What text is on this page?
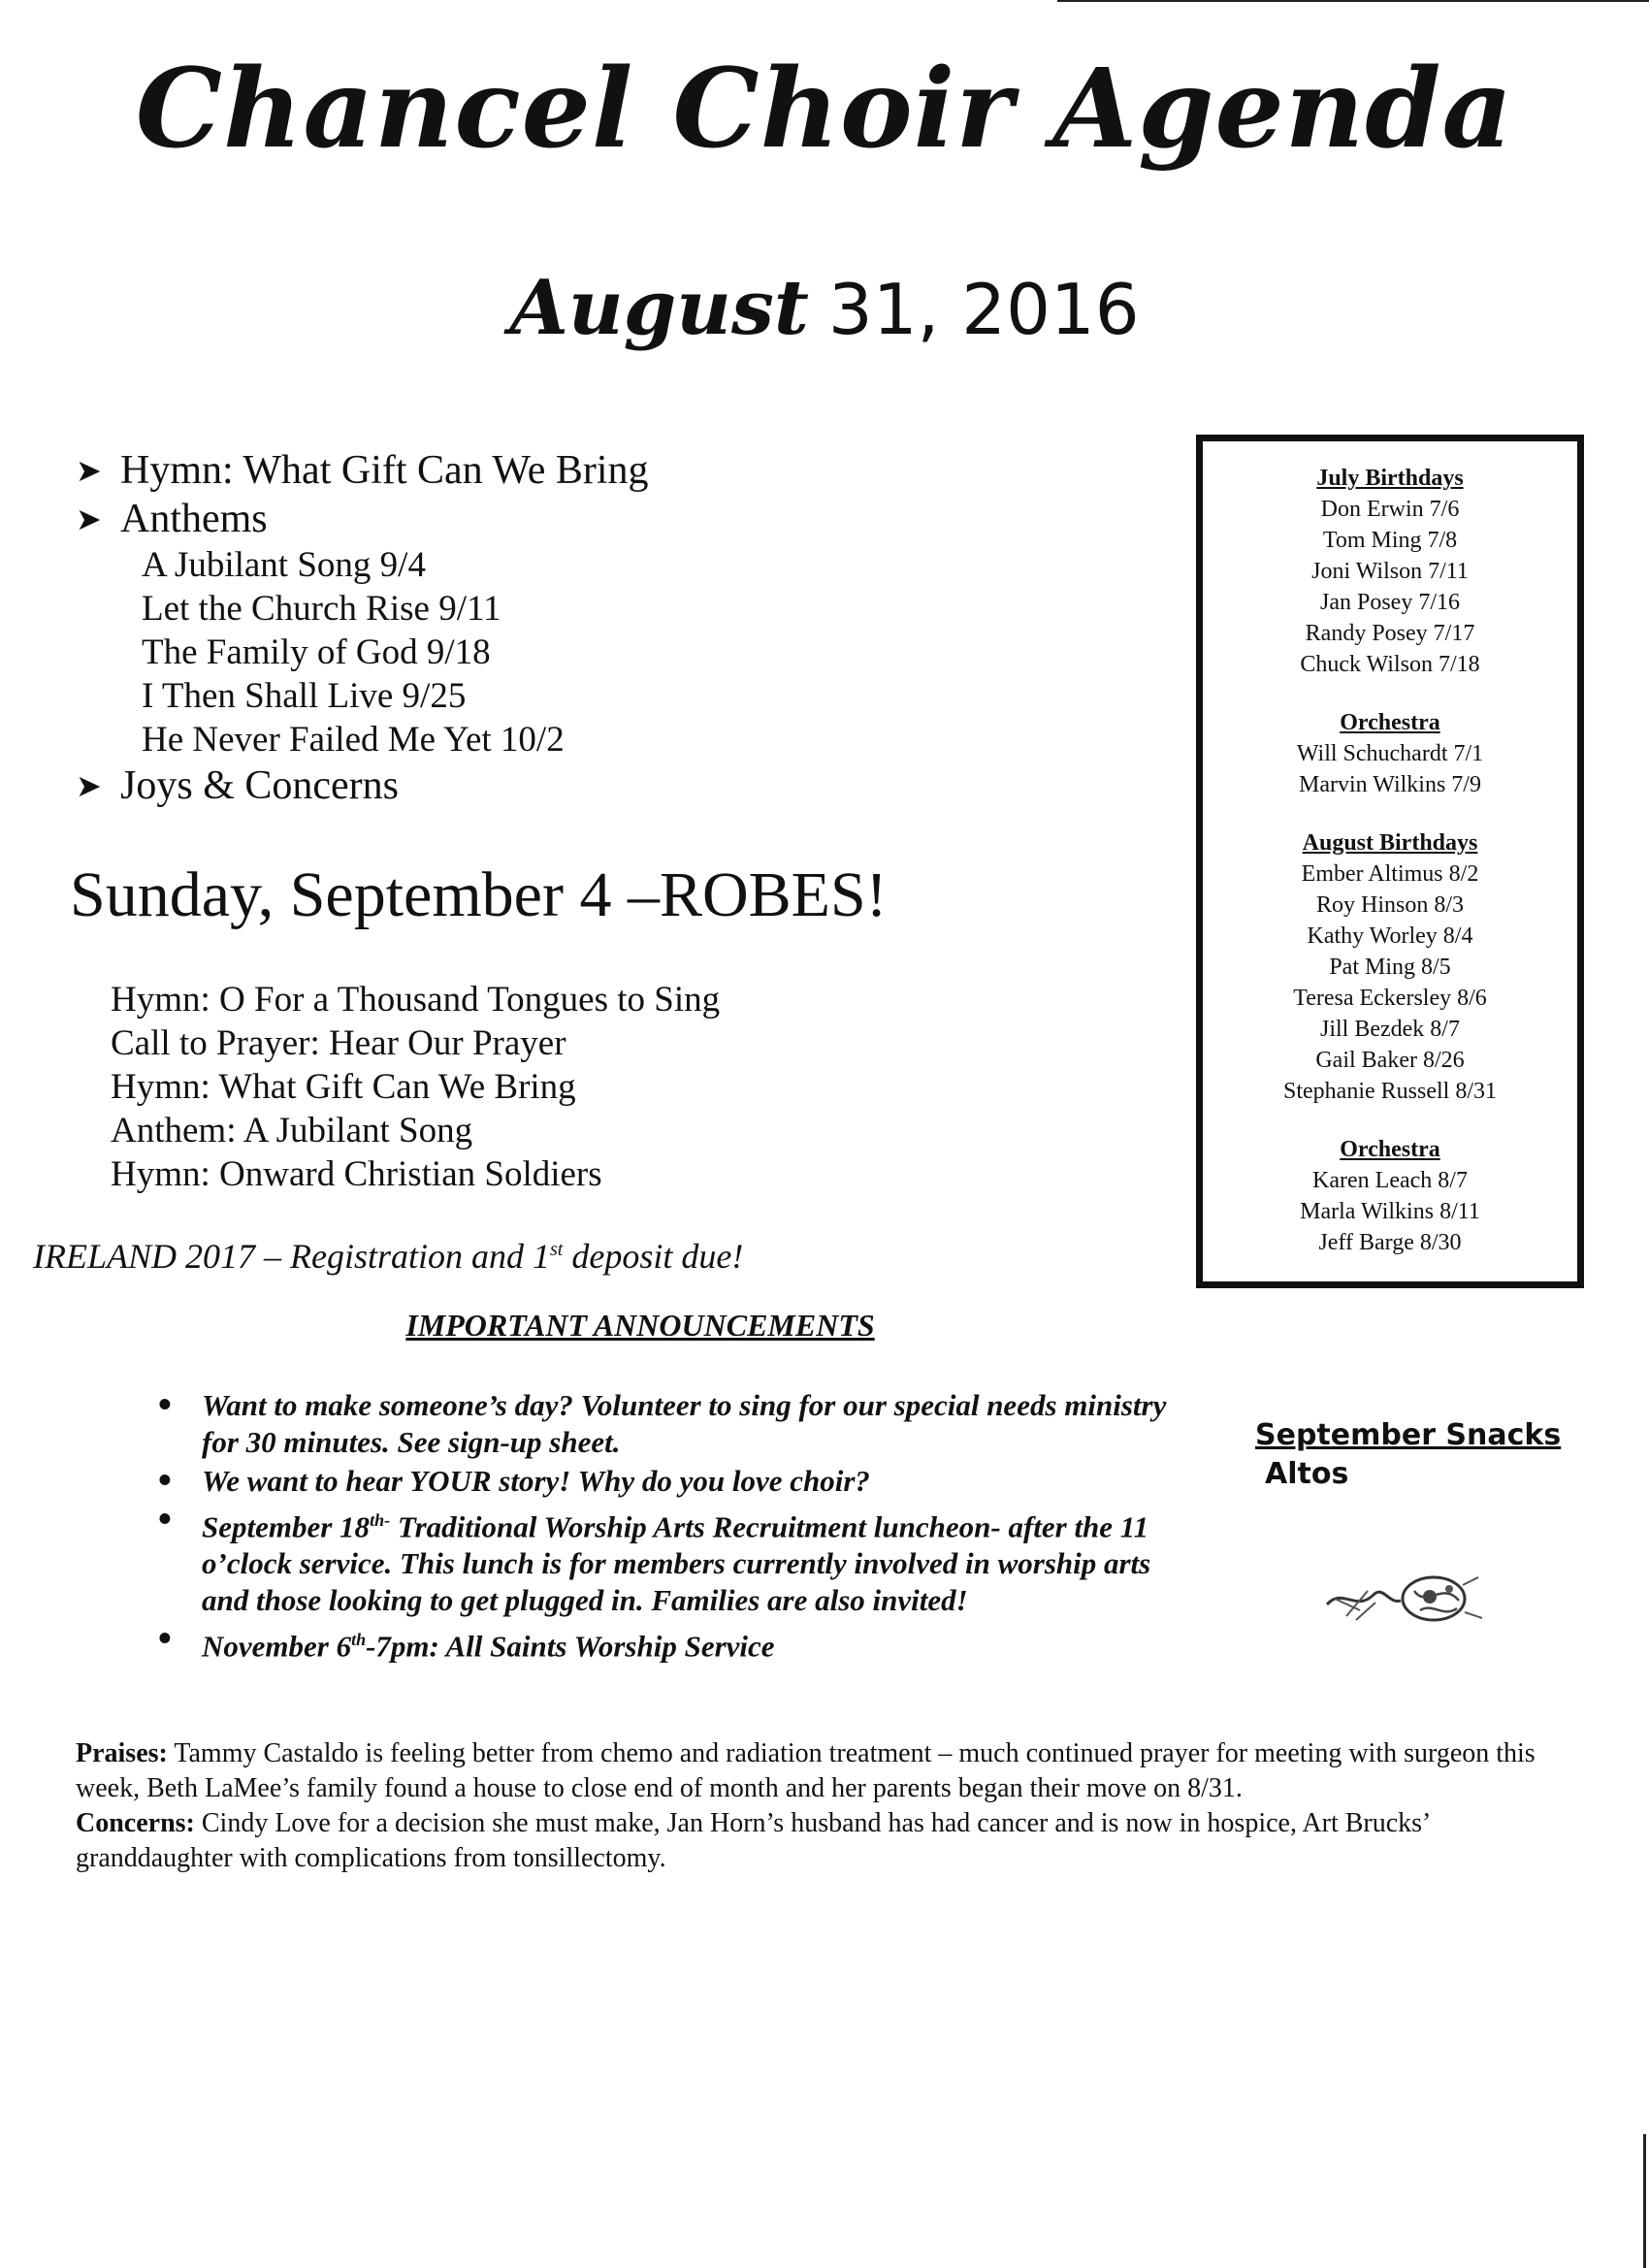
Chancel Choir Agenda
August 31, 2016
➤ Hymn: What Gift Can We Bring
➤ Anthems
A Jubilant Song 9/4
Let the Church Rise 9/11
The Family of God 9/18
I Then Shall Live 9/25
He Never Failed Me Yet 10/2
➤ Joys & Concerns
Sunday, September 4 –ROBES!
Hymn: O For a Thousand Tongues to Sing
Call to Prayer: Hear Our Prayer
Hymn: What Gift Can We Bring
Anthem: A Jubilant Song
Hymn: Onward Christian Soldiers
IRELAND 2017 – Registration and 1st deposit due!
IMPORTANT ANNOUNCEMENTS
• Want to make someone’s day? Volunteer to sing for our special needs ministry for 30 minutes. See sign-up sheet.
• We want to hear YOUR story! Why do you love choir?
• September $18^{th-}$ Traditional Worship Arts Recruitment luncheon- after the 11 o’clock service. This lunch is for members currently involved in worship arts and those looking to get plugged in. Families are also invited!
• November 6th-7pm: All Saints Worship Service
July Birthdays
Don Erwin 7/6
Tom Ming 7/8
Joni Wilson 7/11
Jan Posey 7/16
Randy Posey 7/17
Chuck Wilson 7/18
Orchestra
Will Schuchardt 7/1
Marvin Wilkins 7/9
August Birthdays
Ember Altimus 8/2
Roy Hinson 8/3
Kathy Worley 8/4
Pat Ming 8/5
Teresa Eckersley 8/6
Jill Bezdek 8/7
Gail Baker 8/26
Stephanie Russell 8/31
Orchestra
Karen Leach 8/7
Marla Wilkins 8/11
Jeff Barge 8/30
September Snacks
Altos
Praises: Tammy Castaldo is feeling better from chemo and radiation treatment – much continued prayer for meeting with surgeon this week, Beth LaMee’s family found a house to close end of month and her parents began their move on 8/31.
Concerns: Cindy Love for a decision she must make, Jan Horn’s husband has had cancer and is now in hospice, Art Brucks’ granddaughter with complications from tonsillectomy.
